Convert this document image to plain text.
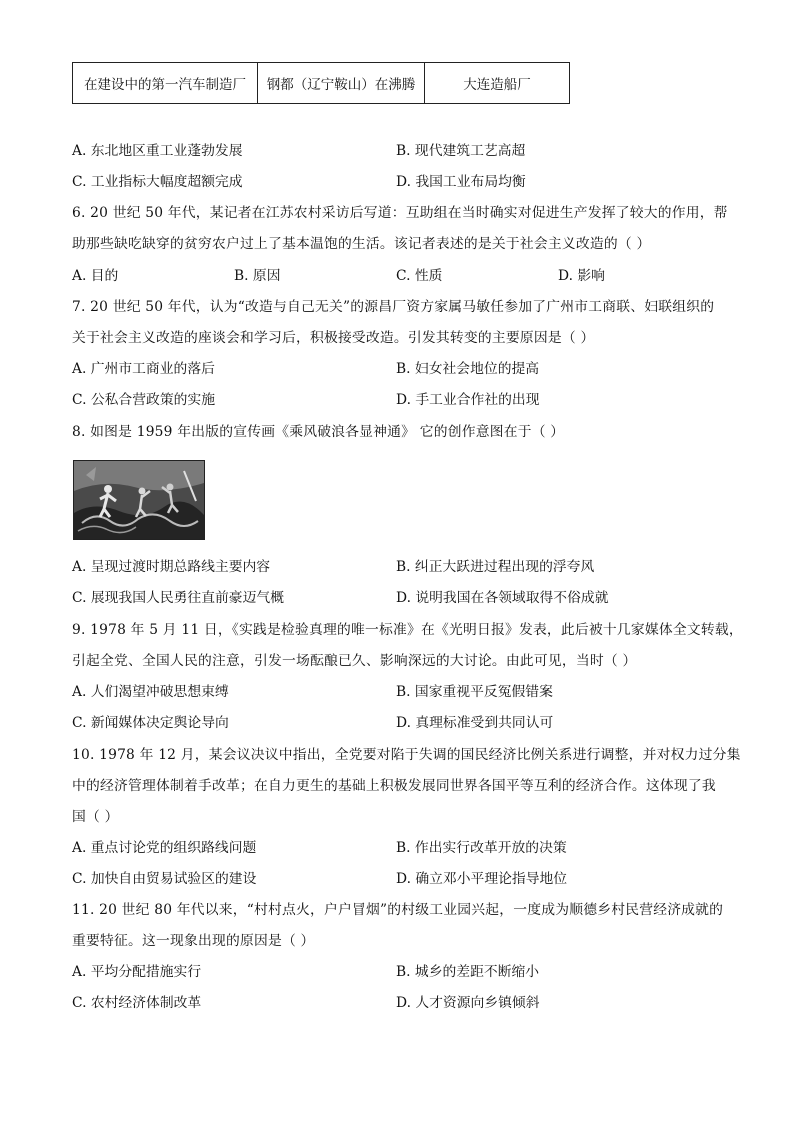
在建设中的第一汽车制造厂	钢都（辽宁鞍山）在沸腾	大连造船厂
A. 东北地区重工业蓬勃发展	B. 现代建筑工艺高超
C. 工业指标大幅度超额完成	D. 我国工业布局均衡
6. 20 世纪 50 年代，某记者在江苏农村采访后写道：互助组在当时确实对促进生产发挥了较大的作用，帮
助那些缺吃缺穿的贫穷农户过上了基本温饱的生活。该记者表述的是关于社会主义改造的（ ）
A. 目的	B. 原因	C. 性质	D. 影响
7. 20 世纪 50 年代，认为“改造与自己无关”的源昌厂资方家属马敏任参加了广州市工商联、妇联组织的
关于社会主义改造的座谈会和学习后，积极接受改造。引发其转变的主要原因是（ ）
A. 广州市工商业的落后	B. 妇女社会地位的提高
C. 公私合营政策的实施	D. 手工业合作社的出现
8. 如图是 1959 年出版的宣传画《乘风破浪各显神通》 它的创作意图在于（ ）
A. 呈现过渡时期总路线主要内容	B. 纠正大跃进过程出现的浮夸风
C. 展现我国人民勇往直前豪迈气概	D. 说明我国在各领域取得不俗成就
9. 1978 年 5 月 11 日，《实践是检验真理的唯一标准》在《光明日报》发表，此后被十几家媒体全文转载，
引起全党、全国人民的注意，引发一场酝酿已久、影响深远的大讨论。由此可见，当时（ ）
A. 人们渴望冲破思想束缚	B. 国家重视平反冤假错案
C. 新闻媒体决定舆论导向	D. 真理标准受到共同认可
10. 1978 年 12 月，某会议决议中指出，全党要对陷于失调的国民经济比例关系进行调整，并对权力过分集
中的经济管理体制着手改革；在自力更生的基础上积极发展同世界各国平等互利的经济合作。这体现了我
国（ ）
A. 重点讨论党的组织路线问题	B. 作出实行改革开放的决策
C. 加快自由贸易试验区的建设	D. 确立邓小平理论指导地位
11. 20 世纪 80 年代以来，“村村点火，户户冒烟”的村级工业园兴起，一度成为顺德乡村民营经济成就的
重要特征。这一现象出现的原因是（ ）
A. 平均分配措施实行	B. 城乡的差距不断缩小
C. 农村经济体制改革	D. 人才资源向乡镇倾斜
